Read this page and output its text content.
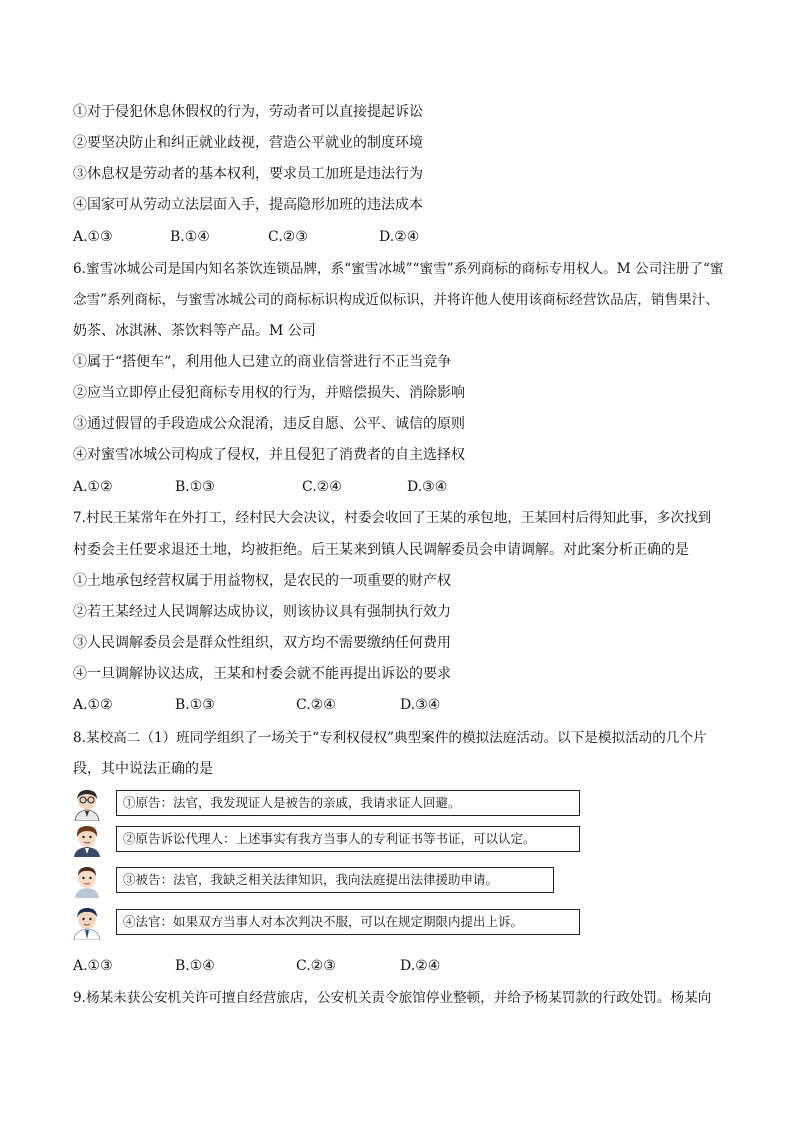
①对于侵犯休息休假权的行为，劳动者可以直接提起诉讼
②要坚决防止和纠正就业歧视，营造公平就业的制度环境
③休息权是劳动者的基本权利，要求员工加班是违法行为
④国家可从劳动立法层面入手，提高隐形加班的违法成本
A.①③	B.①④	C.②③	D.②④
6.蜜雪冰城公司是国内知名茶饮连锁品牌，系“蜜雪冰城”“蜜雪”系列商标的商标专用权人。M 公司注册了“蜜
念雪”系列商标，与蜜雪冰城公司的商标标识构成近似标识，并将许他人使用该商标经营饮品店，销售果汁、
奶茶、冰淇淋、茶饮料等产品。M 公司
①属于“搭便车”，利用他人已建立的商业信誉进行不正当竞争
②应当立即停止侵犯商标专用权的行为，并赔偿损失、消除影响
③通过假冒的手段造成公众混淆，违反自愿、公平、诚信的原则
④对蜜雪冰城公司构成了侵权，并且侵犯了消费者的自主选择权
A.①②	B.①③	C.②④	D.③④
7.村民王某常年在外打工，经村民大会决议，村委会收回了王某的承包地，王某回村后得知此事，多次找到
村委会主任要求退还土地，均被拒绝。后王某来到镇人民调解委员会申请调解。对此案分析正确的是
①土地承包经营权属于用益物权，是农民的一项重要的财产权
②若王某经过人民调解达成协议，则该协议具有强制执行效力
③人民调解委员会是群众性组织，双方均不需要缴纳任何费用
④一旦调解协议达成，王某和村委会就不能再提出诉讼的要求
A.①②	B.①③	C.②④	D.③④
8.某校高二（1）班同学组织了一场关于“专利权侵权”典型案件的模拟法庭活动。以下是模拟活动的几个片
段，其中说法正确的是
①原告：法官，我发现证人是被告的亲戚，我请求证人回避。
②原告诉讼代理人：上述事实有我方当事人的专利证书等书证，可以认定。
③被告：法官，我缺乏相关法律知识，我向法庭提出法律援助申请。
④法官：如果双方当事人对本次判决不服，可以在规定期限内提出上诉。
A.①③	B.①④	C.②③	D.②④
9.杨某未获公安机关许可擅自经营旅店，公安机关责令旅馆停业整顿，并给予杨某罚款的行政处罚。杨某向
